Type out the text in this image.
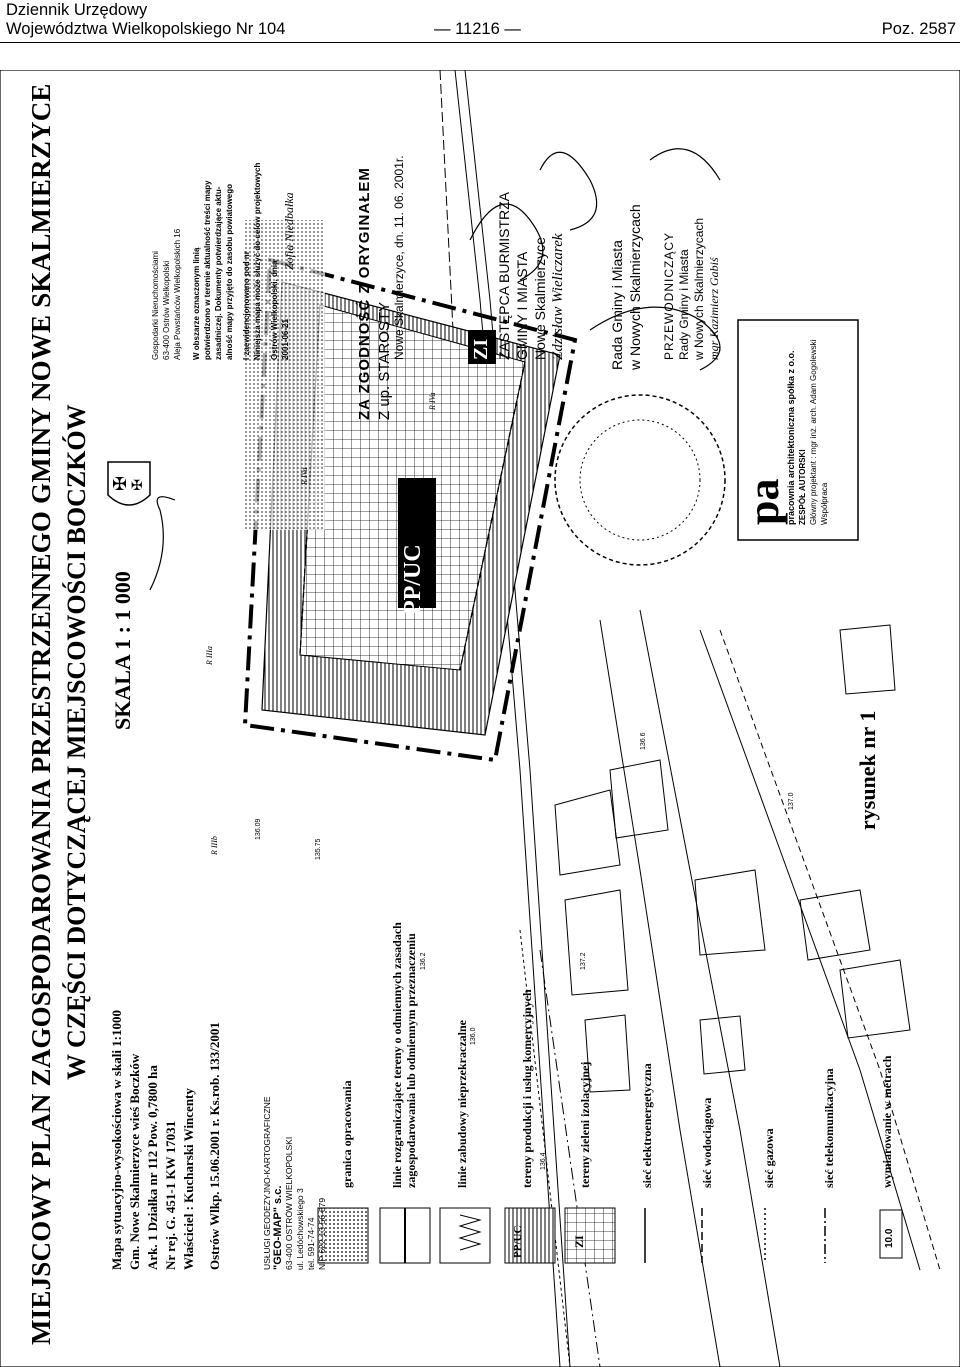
Dziennik Urzędowy
Województwa Wielkopolskiego Nr 104	— 11216 —	Poz. 2587
✠ ✠
MIEJSCOWY PLAN ZAGOSPODAROWANIA PRZESTRZENNEGO GMINY NOWE SKALMIERZYCE W CZĘŚCI DOTYCZĄCEJ MIEJSCOWOŚCI BOCZKÓW SKALA 1 : 1 000
Mapa sytuacyjno-wysokościowa w skali 1:1000 Gm. Nowe Skalmierzyce wieś Boczków Ark. 1 Działka nr 112 Pow. 0,7800 ha Nr rej. G. 451-1 KW 17031 Właściciel : Kucharski Wincenty Ostrów Wlkp. 15.06.2001 r. Ks.rob. 133/2001	USŁUGI GEODEZYJNO-KARTOGRAFICZNE "GEO-MAP" s.c. 63-400 OSTRÓW WIELKOPOLSKI ul. Ledóchowskiego 3 tel. 591-74-74 NIP 622-13-56-879
granica opracowania	linie rozgraniczające tereny o odmiennych zasadach zagospodarowania lub odmiennym przeznaczeniu	linie zabudowy nieprzekraczalne	tereny produkcji i usług komercyjnych	tereny zieleni izolacyjnej	sieć elektroenergetyczna	sieć wodociągowa	sieć gazowa	sieć telekomunikacyjna	wymiarowanie w metrach
PP/UC	ZI	10.0
PP/UC
ZI
rysunek nr 1
Gospodarki Nieruchomościami 63-400 Ostrów Wielkopolski Aleja Powstańców Wielkopolskich 16 W obszarze oznaczonym linią potwierdzono w terenie aktualność treści mapy zasadniczej. Dokumenty potwierdzające aktu- alność mapy przyjęto do zasobu powiatowego I zaewidencjonowano pod nr Niniejsza mapa może służyć do celów projektowych Ostrów Wielkopolski, dnia 2001-06-21	ZA ZGODNOŚĆ Z ORYGINAŁEM Z up. STAROSTY
Nowe Skalmierzyce, dn. 11. 06. 2001r.
Zofia Niedbałka	ZASTĘPCA BURMISTRZA GMINY I MIASTA Nowe Skalmierzyce Zdzisław Wieliczarek	Rada Gminy i Miasta w Nowych Skalmierzycach PRZEWODNICZĄCY Rady Gminy i Miasta w Nowych Skalmierzycach mgr Kazimierz Gabiś
pa
pracownia architektoniczna spółka z o.o. ZESPÓŁ AUTORSKI Główny projektant : mgr inż. arch. Adam Gogolewski Współpraca
R IIIa
R IIIb
R IVa
R IVa
136.09
135.75
136.2	137.2
136.4
136.6
136.0
137.0
